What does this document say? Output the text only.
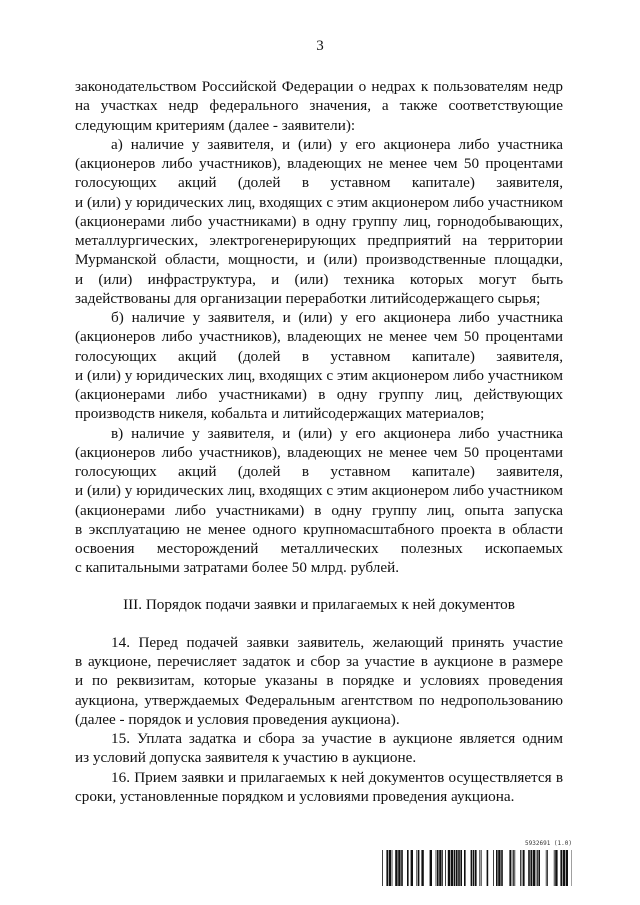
3
законодательством Российской Федерации о недрах к пользователям недр
на участках недр федерального значения, а также соответствующие
следующим критериям (далее - заявители):
а) наличие у заявителя, и (или) у его акционера либо участника
(акционеров либо участников), владеющих не менее чем 50 процентами
голосующих акций (долей в уставном капитале) заявителя,
и (или) у юридических лиц, входящих с этим акционером либо участником
(акционерами либо участниками) в одну группу лиц, горнодобывающих,
металлургических, электрогенерирующих предприятий на территории
Мурманской области, мощности, и (или) производственные площадки,
и (или) инфраструктура, и (или) техника которых могут быть
задействованы для организации переработки литийсодержащего сырья;
б) наличие у заявителя, и (или) у его акционера либо участника
(акционеров либо участников), владеющих не менее чем 50 процентами
голосующих акций (долей в уставном капитале) заявителя,
и (или) у юридических лиц, входящих с этим акционером либо участником
(акционерами либо участниками) в одну группу лиц, действующих
производств никеля, кобальта и литийсодержащих материалов;
в) наличие у заявителя, и (или) у его акционера либо участника
(акционеров либо участников), владеющих не менее чем 50 процентами
голосующих акций (долей в уставном капитале) заявителя,
и (или) у юридических лиц, входящих с этим акционером либо участником
(акционерами либо участниками) в одну группу лиц, опыта запуска
в эксплуатацию не менее одного крупномасштабного проекта в области
освоения месторождений металлических полезных ископаемых
с капитальными затратами более 50 млрд. рублей.
III. Порядок подачи заявки и прилагаемых к ней документов
14. Перед подачей заявки заявитель, желающий принять участие
в аукционе, перечисляет задаток и сбор за участие в аукционе в размере
и по реквизитам, которые указаны в порядке и условиях проведения
аукциона, утверждаемых Федеральным агентством по недропользованию
(далее - порядок и условия проведения аукциона).
15. Уплата задатка и сбора за участие в аукционе является одним
из условий допуска заявителя к участию в аукционе.
16. Прием заявки и прилагаемых к ней документов осуществляется в
сроки, установленные порядком и условиями проведения аукциона.
5932691 (1.0)
